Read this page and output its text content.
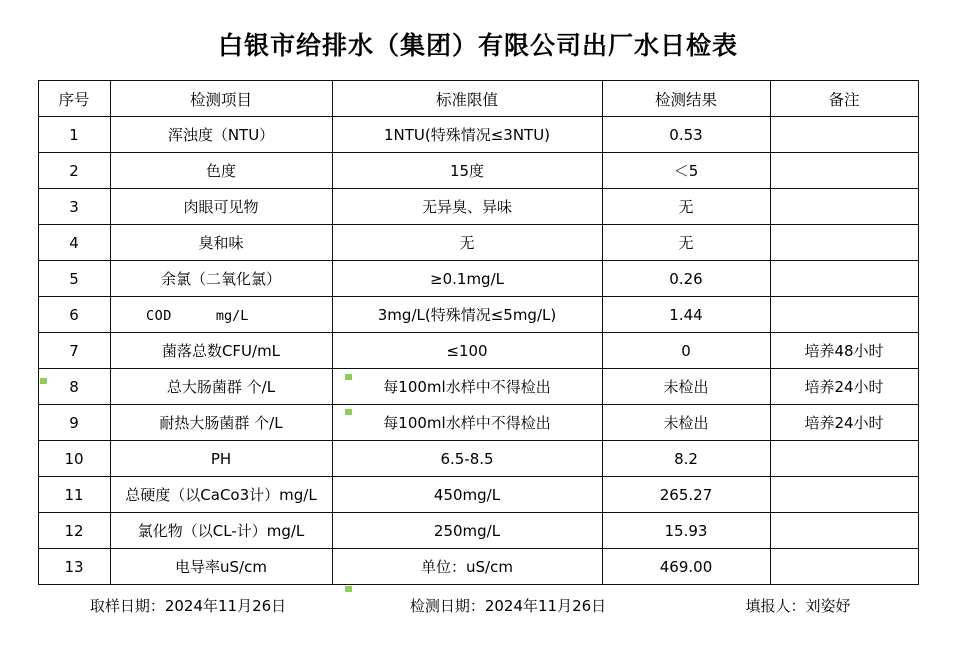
白银市给排水（集团）有限公司出厂水日检表
序号	检测项目	标准限值	检测结果	备注
1	浑浊度（NTU）	1NTU(特殊情况≤3NTU)	0.53	
2	色度	15度	＜5	
3	肉眼可见物	无异臭、异味	无	
4	臭和味	无	无	
5	余氯（二氧化氯）	≥0.1mg/L	0.26	
6	COD mg/L	3mg/L(特殊情况≤5mg/L)	1.44	
7	菌落总数CFU/mL	≤100	0	培养48小时
8	总大肠菌群 个/L	每100ml水样中不得检出	未检出	培养24小时
9	耐热大肠菌群 个/L	每100ml水样中不得检出	未检出	培养24小时
10	PH	6.5-8.5	8.2	
11	总硬度（以CaCo3计）mg/L	450mg/L	265.27	
12	氯化物（以CL-计）mg/L	250mg/L	15.93	
13	电导率uS/cm	单位：uS/cm	469.00	
取样日期：2024年11月26日	检测日期：2024年11月26日	填报人：刘姿妤
